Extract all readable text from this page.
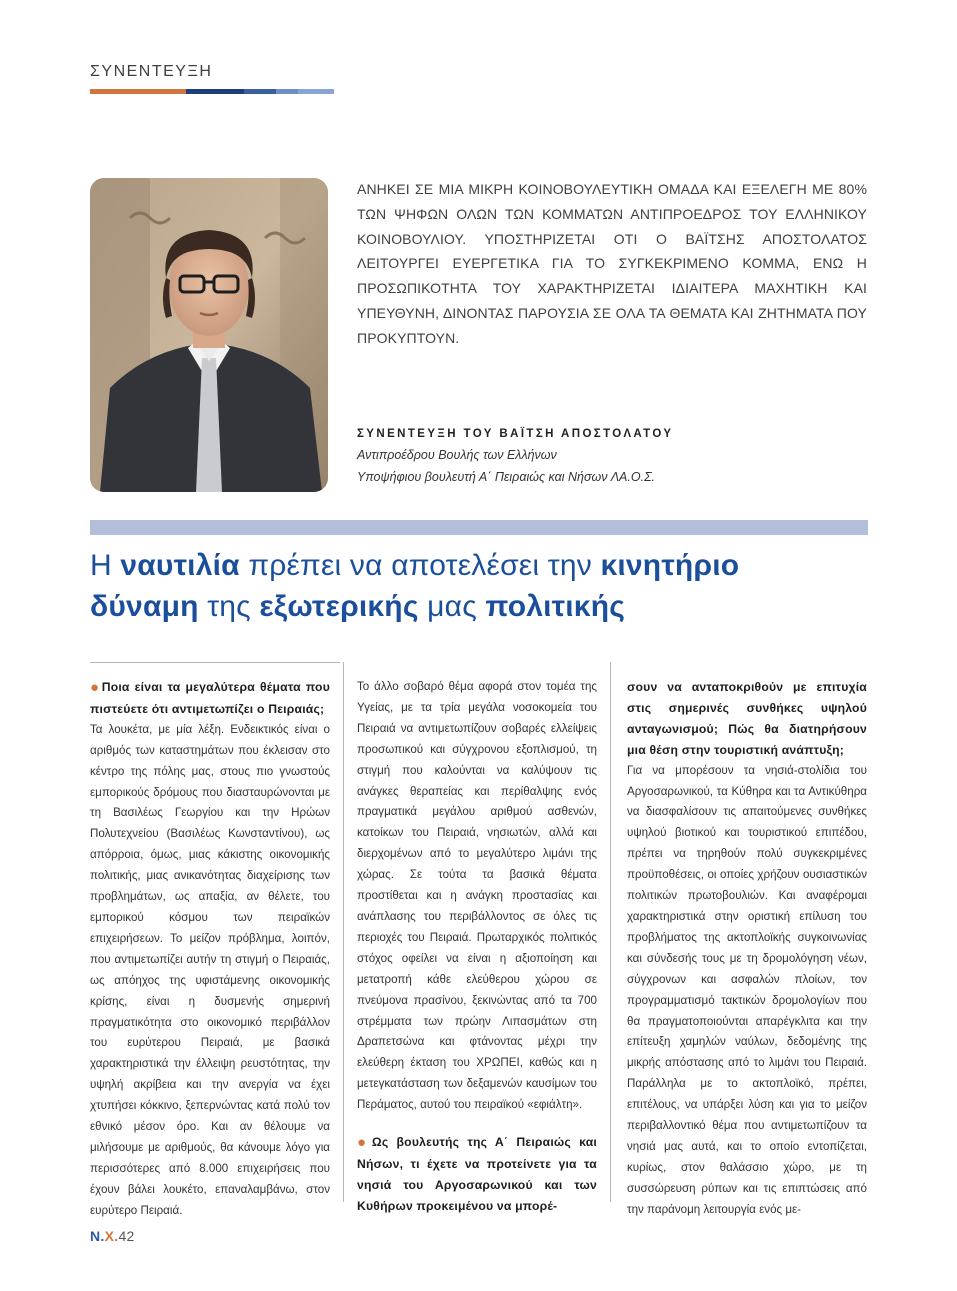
ΣΥΝΕΝΤΕΥΞΗ
ΑΝΗΚΕΙ ΣΕ ΜΙΑ ΜΙΚΡΗ ΚΟΙΝΟΒΟΥΛΕΥΤΙΚΗ ΟΜΑΔΑ ΚΑΙ ΕΞΕΛΕΓΗ ΜΕ 80% ΤΩΝ ΨΗΦΩΝ ΟΛΩΝ ΤΩΝ ΚΟΜΜΑΤΩΝ ΑΝΤΙΠΡΟΕΔΡΟΣ ΤΟΥ ΕΛΛΗΝΙΚΟΥ ΚΟΙΝΟΒΟΥΛΙΟΥ. ΥΠΟΣΤΗΡΙΖΕΤΑΙ ΟΤΙ Ο ΒΑΪΤΣΗΣ ΑΠΟΣΤΟΛΑΤΟΣ ΛΕΙΤΟΥΡΓΕΙ ΕΥΕΡΓΕΤΙΚΑ ΓΙΑ ΤΟ ΣΥΓΚΕΚΡΙΜΕΝΟ ΚΟΜΜΑ, ΕΝΩ Η ΠΡΟΣΩΠΙΚΟΤΗΤΑ ΤΟΥ ΧΑΡΑΚΤΗΡΙΖΕΤΑΙ ΙΔΙΑΙΤΕΡΑ ΜΑΧΗΤΙΚΗ ΚΑΙ ΥΠΕΥΘΥΝΗ, ΔΙΝΟΝΤΑΣ ΠΑΡΟΥΣΙΑ ΣΕ ΟΛΑ ΤΑ ΘΕΜΑΤΑ ΚΑΙ ΖΗΤΗΜΑΤΑ ΠΟΥ ΠΡΟΚΥΠΤΟΥΝ.
ΣΥΝΕΝΤΕΥΞΗ ΤΟΥ ΒΑΪΤΣΗ ΑΠΟΣΤΟΛΑΤΟΥ
Αντιπροέδρου Βουλής των Ελλήνων
Υποψήφιου βουλευτή Α΄ Πειραιώς και Νήσων ΛΑ.Ο.Σ.
Η ναυτιλία πρέπει να αποτελέσει την κινητήριο
δύναμη της εξωτερικής μας πολιτικής

●Ποια είναι τα μεγαλύτερα θέματα που πιστεύετε ότι αντιμετωπίζει ο Πειραιάς;

Τα λουκέτα, με μία λέξη. Ενδεικτικός είναι ο αριθμός των καταστημάτων που έκλεισαν στο κέντρο της πόλης μας, στους πιο γνωστούς εμπορικούς δρόμους που διασταυρώνονται με τη Βασιλέως Γεωργίου και την Ηρώων Πολυτεχνείου (Βασιλέως Κωνσταντίνου), ως απόρροια, όμως, μιας κάκιστης οικονομικής πολιτικής, μιας ανικανότητας διαχείρισης των προβλημάτων, ως απαξία, αν θέλετε, του εμπορικού κόσμου των πειραϊκών επιχειρήσεων. Το μείζον πρόβλημα, λοιπόν, που αντιμετωπίζει αυτήν τη στιγμή ο Πειραιάς, ως απόηχος της υφιστάμενης οικονομικής κρίσης, είναι η δυσμενής σημερινή πραγματικότητα στο οικονομικό περιβάλλον του ευρύτερου Πειραιά, με βασικά χαρακτηριστικά την έλλειψη ρευστότητας, την υψηλή ακρίβεια και την ανεργία να έχει χτυπήσει κόκκινο, ξεπερνώντας κατά πολύ τον εθνικό μέσον όρο. Και αν θέλουμε να μιλήσουμε με αριθμούς, θα κάνουμε λόγο για περισσότερες από 8.000 επιχειρήσεις που έχουν βάλει λουκέτο, επαναλαμβάνω, στον ευρύτερο Πειραιά.

Το άλλο σοβαρό θέμα αφορά στον τομέα της Υγείας, με τα τρία μεγάλα νοσοκομεία του Πειραιά να αντιμετωπίζουν σοβαρές ελλείψεις προσωπικού και σύγχρονου εξοπλισμού, τη στιγμή που καλούνται να καλύψουν τις ανάγκες θεραπείας και περίθαλψης ενός πραγματικά μεγάλου αριθμού ασθενών, κατοίκων του Πειραιά, νησιωτών, αλλά και διερχομένων από το μεγαλύτερο λιμάνι της χώρας. Σε τούτα τα βασικά θέματα προστίθεται και η ανάγκη προστασίας και ανάπλασης του περιβάλλοντος σε όλες τις περιοχές του Πειραιά. Πρωταρχικός πολιτικός στόχος οφείλει να είναι η αξιοποίηση και μετατροπή κάθε ελεύθερου χώρου σε πνεύμονα πρασίνου, ξεκινώντας από τα 700 στρέμματα των πρώην Λιπασμάτων στη Δραπετσώνα και φτάνοντας μέχρι την ελεύθερη έκταση του ΧΡΩΠΕΙ, καθώς και η μετεγκατάσταση των δεξαμενών καυσίμων του Περάματος, αυτού του πειραϊκού «εφιάλτη».

●Ως βουλευτής της Α΄ Πειραιώς και Νήσων, τι έχετε να προτείνετε για τα νησιά του Αργοσαρωνικού και των Κυθήρων προκειμένου να μπορέ-

σουν να ανταποκριθούν με επιτυχία στις σημερινές συνθήκες υψηλού ανταγωνισμού; Πώς θα διατηρήσουν μια θέση στην τουριστική ανάπτυξη;

Για να μπορέσουν τα νησιά-στολίδια του Αργοσαρωνικού, τα Κύθηρα και τα Αντικύθηρα να διασφαλίσουν τις απαιτούμενες συνθήκες υψηλού βιοτικού και τουριστικού επιπέδου, πρέπει να τηρηθούν πολύ συγκεκριμένες προϋποθέσεις, οι οποίες χρήζουν ουσιαστικών πολιτικών πρωτοβουλιών. Και αναφέρομαι χαρακτηριστικά στην οριστική επίλυση του προβλήματος της ακτοπλοϊκής συγκοινωνίας και σύνδεσής τους με τη δρομολόγηση νέων, σύγχρονων και ασφαλών πλοίων, τον προγραμματισμό τακτικών δρομολογίων που θα πραγματοποιούνται απαρέγκλιτα και την επίτευξη χαμηλών ναύλων, δεδομένης της μικρής απόστασης από το λιμάνι του Πειραιά. Παράλληλα με το ακτοπλοϊκό, πρέπει, επιτέλους, να υπάρξει λύση και για το μείζον περιβαλλοντικό θέμα που αντιμετωπίζουν τα νησιά μας αυτά, και το οποίο εντοπίζεται, κυρίως, στον θαλάσσιο χώρο, με τη συσσώρευση ρύπων και τις επιπτώσεις από την παράνομη λειτουργία ενός με-

N.X.42
